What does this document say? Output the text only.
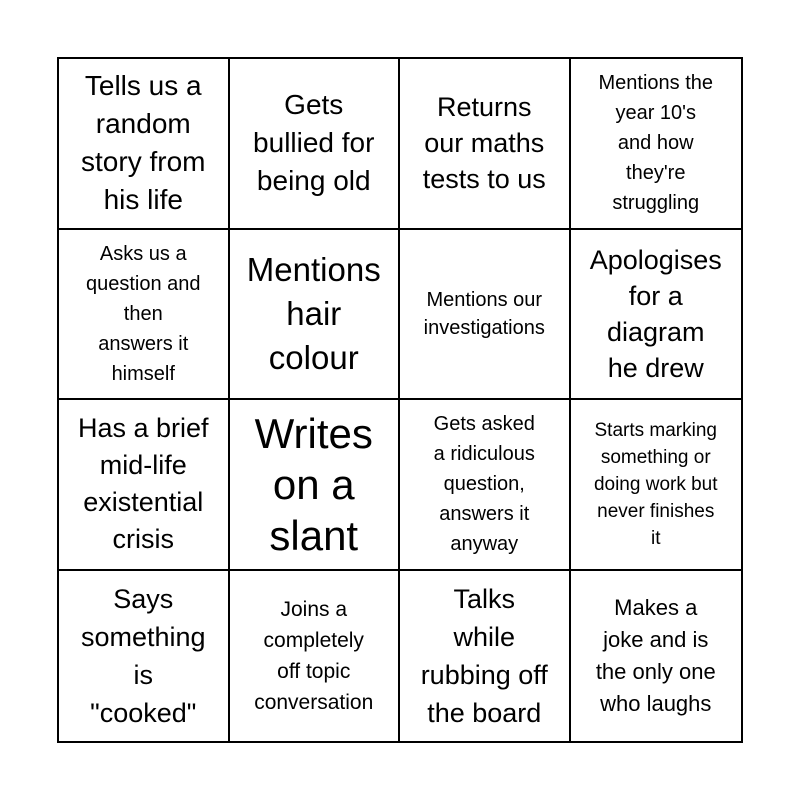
Tells us a
random
story from
his life
Gets
bullied for
being old
Returns
our maths
tests to us
Mentions the
year 10's
and how
they're
struggling
Asks us a
question and
then
answers it
himself
Mentions
hair
colour
Mentions our
investigations
Apologises
for a
diagram
he drew
Has a brief
mid-life
existential
crisis
Writes
on a
slant
Gets asked
a ridiculous
question,
answers it
anyway
Starts marking
something or
doing work but
never finishes
it
Says
something
is
"cooked"
Joins a
completely
off topic
conversation
Talks
while
rubbing off
the board
Makes a
joke and is
the only one
who laughs
